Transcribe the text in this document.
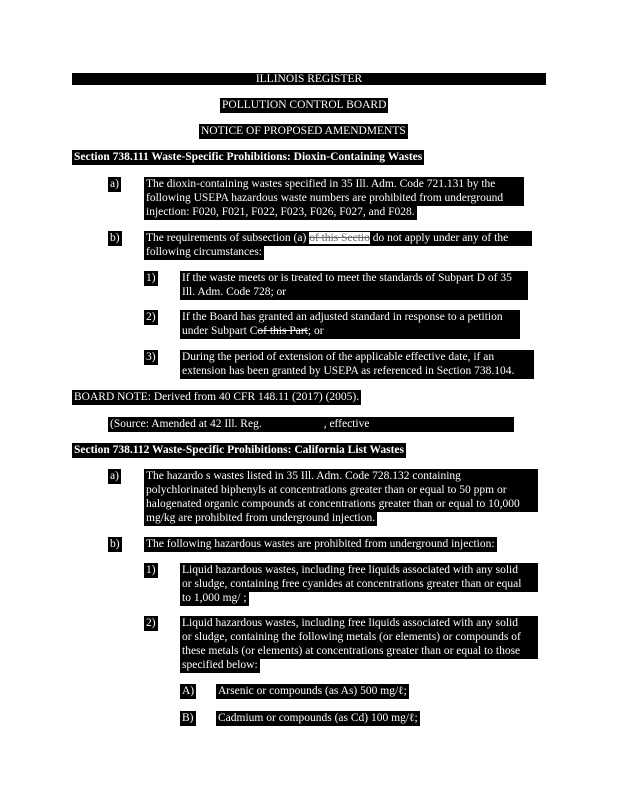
ILLINOIS REGISTER
POLLUTION CONTROL BOARD
NOTICE OF PROPOSED AMENDMENTS
Section 738.111 Waste-Specific Prohibitions: Dioxin-Containing Wastes
a) The dioxin-containing wastes specified in 35 Ill. Adm. Code 721.131 by the
following USEPA hazardous waste numbers are prohibited from underground
injection: F020, F021, F022, F023, F026, F027, and F028.
b) The requirements of subsection (a) of this Sectio do not apply under any of the
following circumstances:
1) If the waste meets or is treated to meet the standards of Subpart D of 35
Ill. Adm. Code 728; or
2) If the Board has granted an adjusted standard in response to a petition
under Subpart Cof this Part; or
3) During the period of extension of the applicable effective date, if an
extension has been granted by USEPA as referenced in Section 738.104.
BOARD NOTE: Derived from 40 CFR 148.11 (2017) (2005).
(Source: Amended at 42 Ill. Reg.	, effective	)
Section 738.112 Waste-Specific Prohibitions: California List Wastes
a) The hazardo s wastes listed in 35 Ill. Adm. Code 728.132 containing
polychlorinated biphenyls at concentrations greater than or equal to 50 ppm or
halogenated organic compounds at concentrations greater than or equal to 10,000
mg/kg are prohibited from underground injection.
b) The following hazardous wastes are prohibited from underground injection:
1) Liquid hazardous wastes, including free liquids associated with any solid
or sludge, containing free cyanides at concentrations greater than or equal
to 1,000 mg/ ;
2) Liquid hazardous wastes, including free liquids associated with any solid
or sludge, containing the following metals (or elements) or compounds of
these metals (or elements) at concentrations greater than or equal to those
specified below:
A) Arsenic or compounds (as As) 500 mg/ℓ;
B) Cadmium or compounds (as Cd) 100 mg/ℓ;
